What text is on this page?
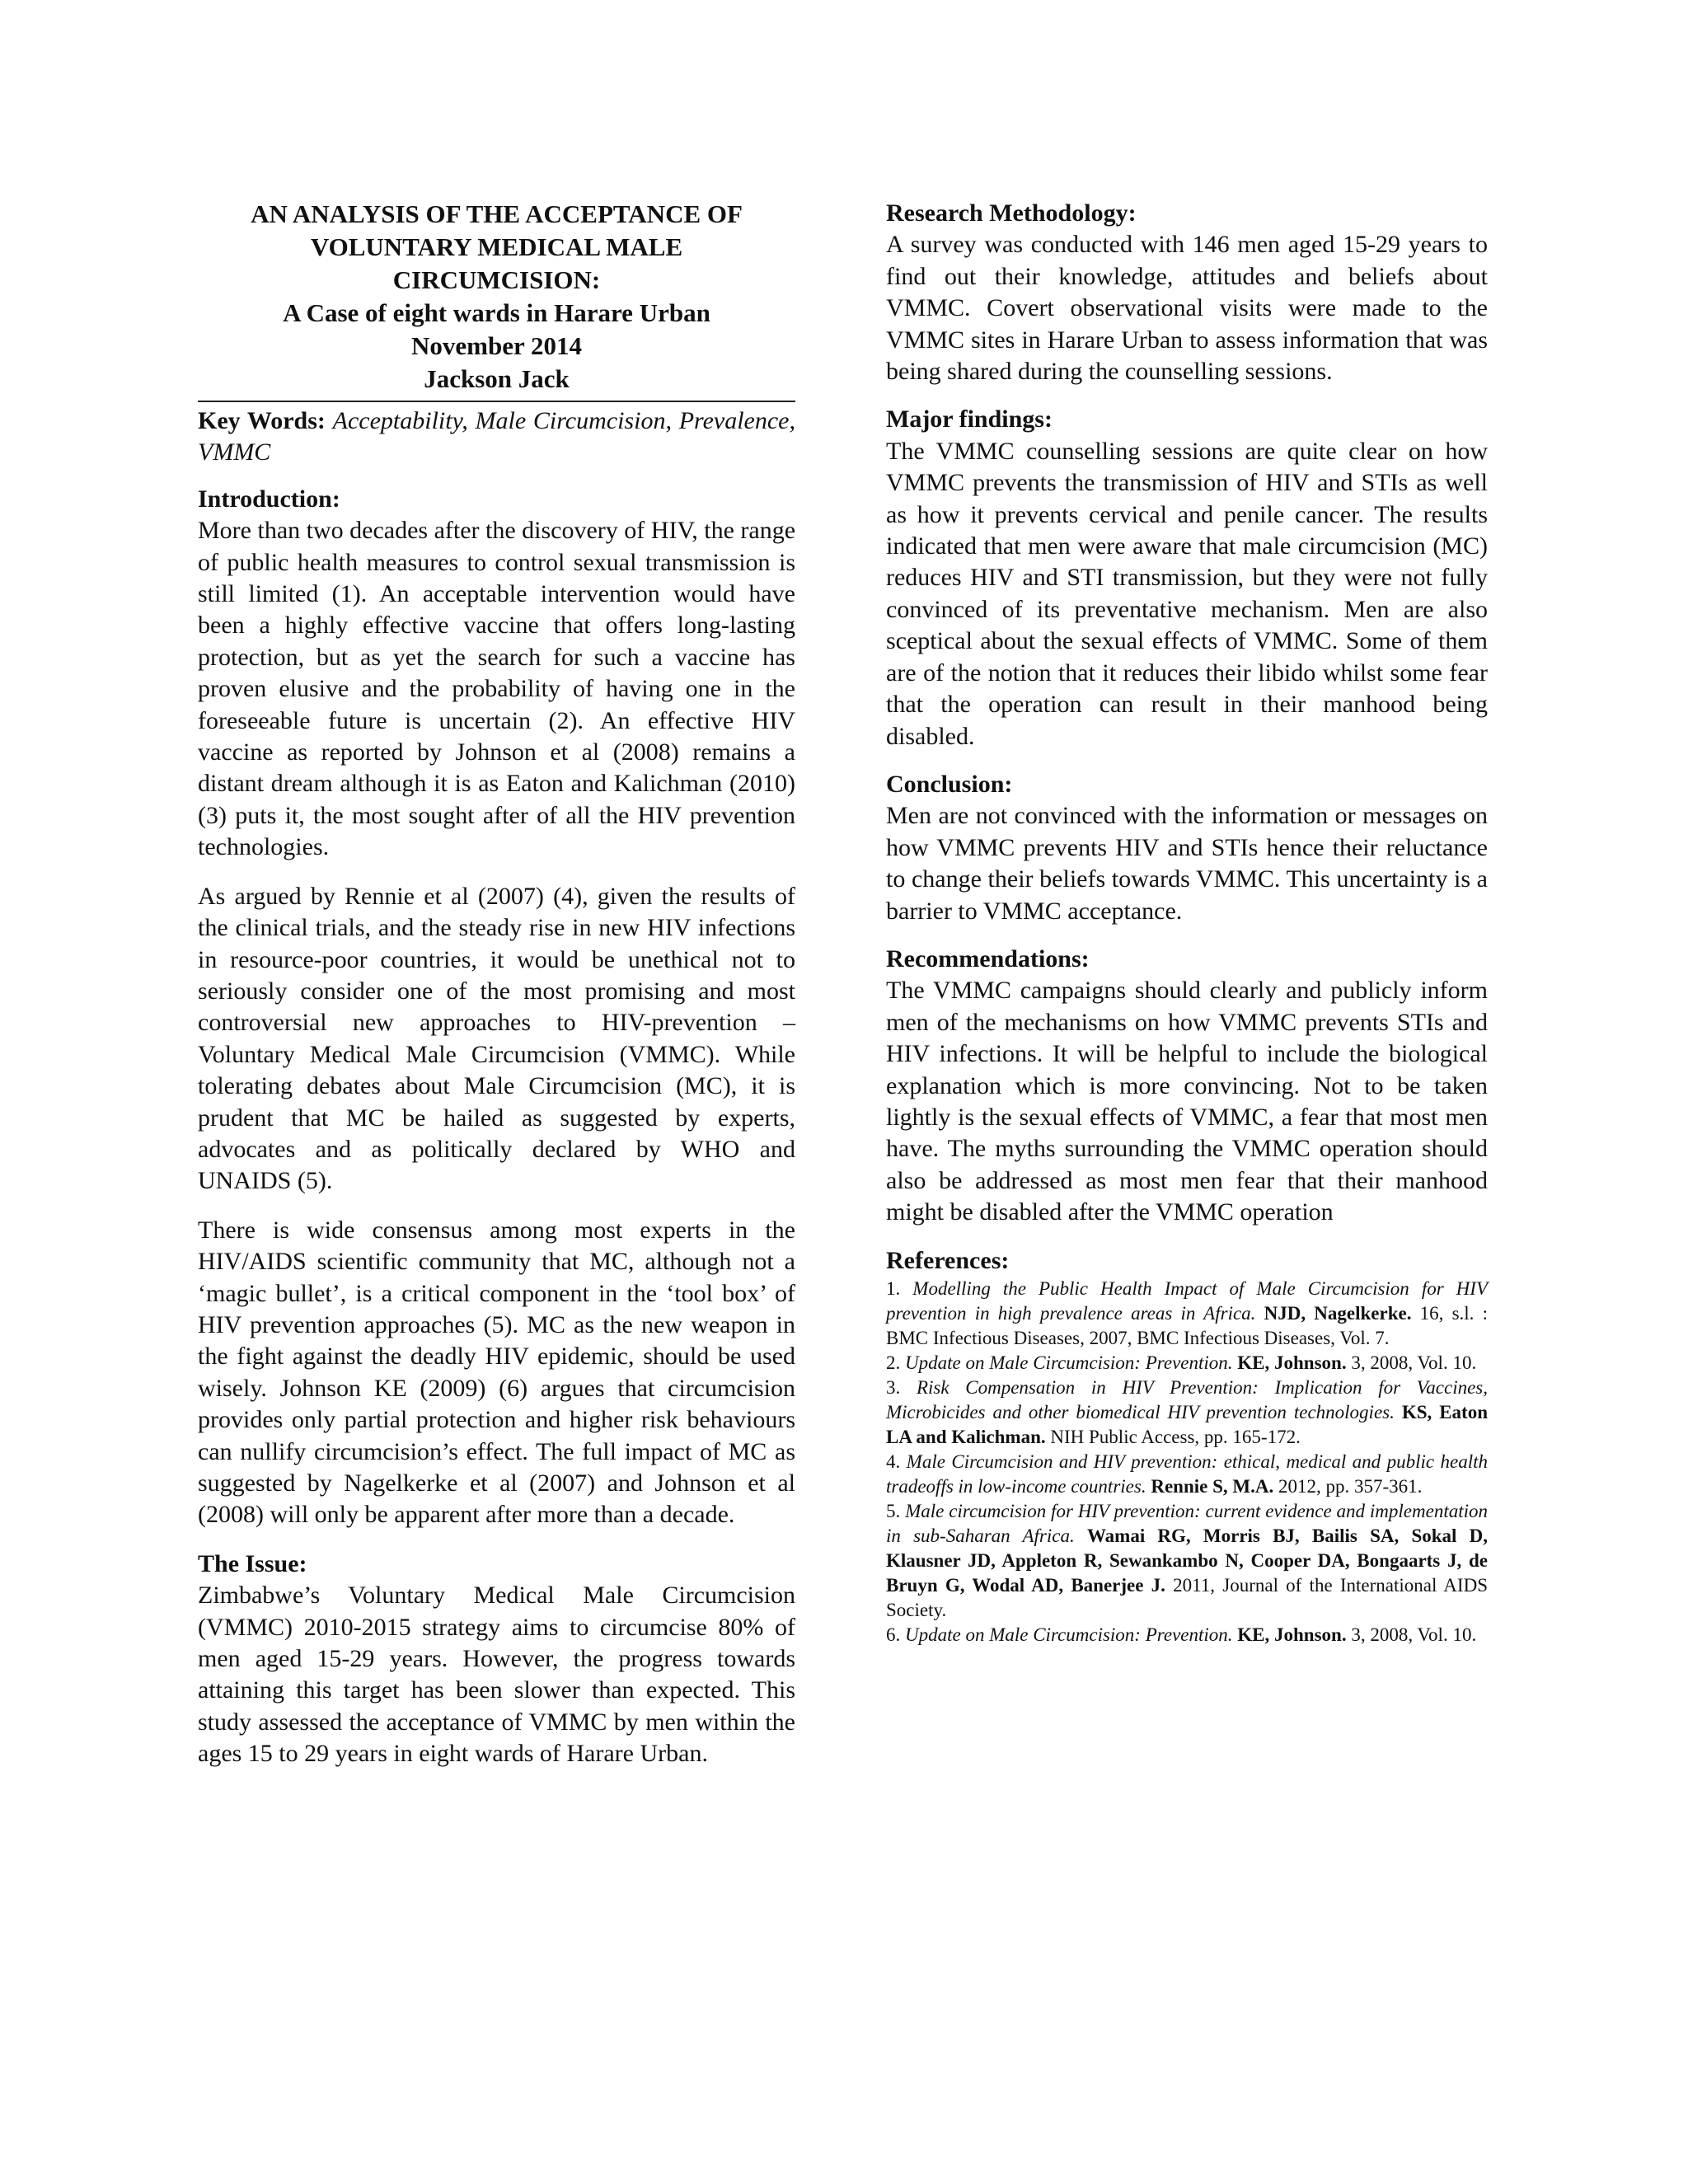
AN ANALYSIS OF THE ACCEPTANCE OF
VOLUNTARY MEDICAL MALE
CIRCUMCISION:
A Case of eight wards in Harare Urban
November 2014
Jackson Jack

Key Words: Acceptability, Male Circumcision, Prevalence, VMMC

Introduction:

More than two decades after the discovery of HIV, the range of public health measures to control sexual transmission is still limited (1). An acceptable intervention would have been a highly effective vaccine that offers long-lasting protection, but as yet the search for such a vaccine has proven elusive and the probability of having one in the foreseeable future is uncertain (2). An effective HIV vaccine as reported by Johnson et al (2008) remains a distant dream although it is as Eaton and Kalichman (2010) (3) puts it, the most sought after of all the HIV prevention technologies.

As argued by Rennie et al (2007) (4), given the results of the clinical trials, and the steady rise in new HIV infections in resource-poor countries, it would be unethical not to seriously consider one of the most promising and most controversial new approaches to HIV-prevention – Voluntary Medical Male Circumcision (VMMC). While tolerating debates about Male Circumcision (MC), it is prudent that MC be hailed as suggested by experts, advocates and as politically declared by WHO and UNAIDS (5).

There is wide consensus among most experts in the HIV/AIDS scientific community that MC, although not a ‘magic bullet’, is a critical component in the ‘tool box’ of HIV prevention approaches (5). MC as the new weapon in the fight against the deadly HIV epidemic, should be used wisely. Johnson KE (2009) (6) argues that circumcision provides only partial protection and higher risk behaviours can nullify circumcision’s effect. The full impact of MC as suggested by Nagelkerke et al (2007) and Johnson et al (2008) will only be apparent after more than a decade.

The Issue:

Zimbabwe’s Voluntary Medical Male Circumcision (VMMC) 2010-2015 strategy aims to circumcise 80% of men aged 15-29 years. However, the progress towards attaining this target has been slower than expected. This study assessed the acceptance of VMMC by men within the ages 15 to 29 years in eight wards of Harare Urban.

Research Methodology:

A survey was conducted with 146 men aged 15-29 years to find out their knowledge, attitudes and beliefs about VMMC. Covert observational visits were made to the VMMC sites in Harare Urban to assess information that was being shared during the counselling sessions.

Major findings:

The VMMC counselling sessions are quite clear on how VMMC prevents the transmission of HIV and STIs as well as how it prevents cervical and penile cancer. The results indicated that men were aware that male circumcision (MC) reduces HIV and STI transmission, but they were not fully convinced of its preventative mechanism. Men are also sceptical about the sexual effects of VMMC. Some of them are of the notion that it reduces their libido whilst some fear that the operation can result in their manhood being disabled.

Conclusion:

Men are not convinced with the information or messages on how VMMC prevents HIV and STIs hence their reluctance to change their beliefs towards VMMC. This uncertainty is a barrier to VMMC acceptance.

Recommendations:

The VMMC campaigns should clearly and publicly inform men of the mechanisms on how VMMC prevents STIs and HIV infections. It will be helpful to include the biological explanation which is more convincing. Not to be taken lightly is the sexual effects of VMMC, a fear that most men have. The myths surrounding the VMMC operation should also be addressed as most men fear that their manhood might be disabled after the VMMC operation

References:

1. Modelling the Public Health Impact of Male Circumcision for HIV prevention in high prevalence areas in Africa. NJD, Nagelkerke. 16, s.l. : BMC Infectious Diseases, 2007, BMC Infectious Diseases, Vol. 7.

2. Update on Male Circumcision: Prevention. KE, Johnson. 3, 2008, Vol. 10.

3. Risk Compensation in HIV Prevention: Implication for Vaccines, Microbicides and other biomedical HIV prevention technologies. KS, Eaton LA and Kalichman. NIH Public Access, pp. 165-172.

4. Male Circumcision and HIV prevention: ethical, medical and public health tradeoffs in low-income countries. Rennie S, M.A. 2012, pp. 357-361.

5. Male circumcision for HIV prevention: current evidence and implementation in sub-Saharan Africa. Wamai RG, Morris BJ, Bailis SA, Sokal D, Klausner JD, Appleton R, Sewankambo N, Cooper DA, Bongaarts J, de Bruyn G, Wodal AD, Banerjee J. 2011, Journal of the International AIDS Society.

6. Update on Male Circumcision: Prevention. KE, Johnson. 3, 2008, Vol. 10.
